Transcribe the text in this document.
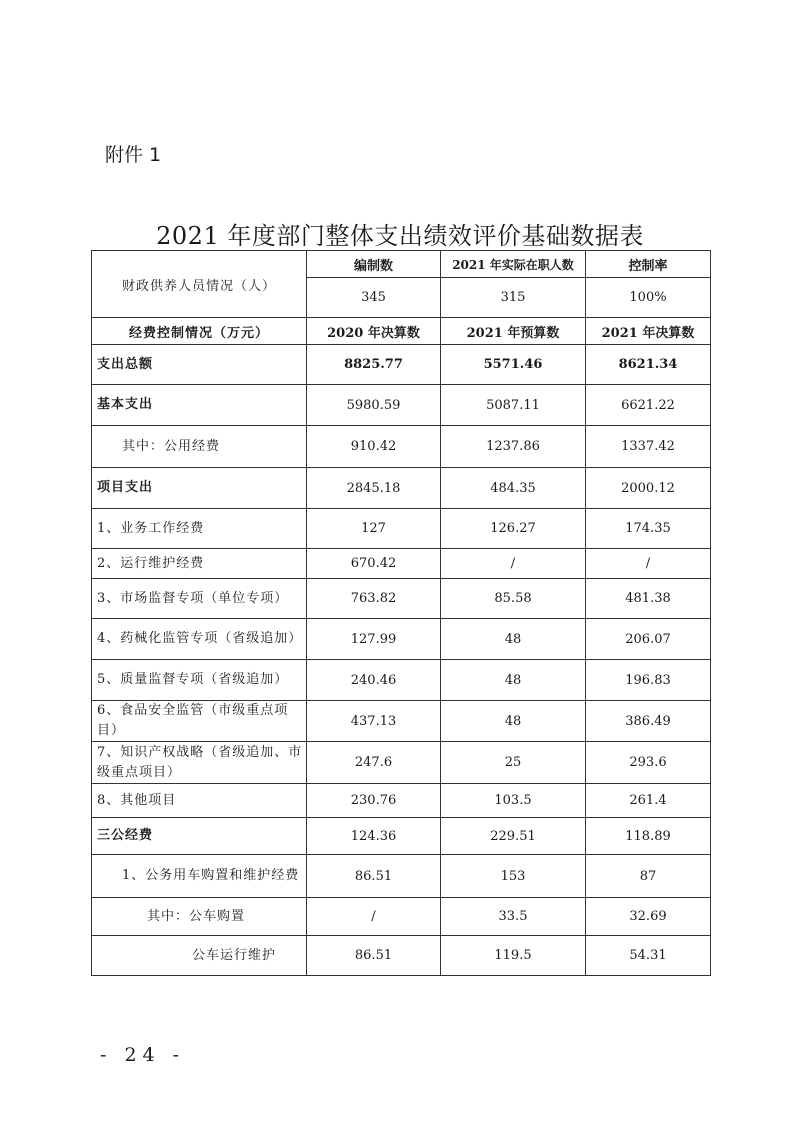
附件 1
2021 年度部门整体支出绩效评价基础数据表
财政供养人员情况（人）	编制数	2021 年实际在职人数	控制率
	345	315	100%
经费控制情况（万元）	2020 年决算数	2021 年预算数	2021 年决算数
支出总额	8825.77	5571.46	8621.34
基本支出	5980.59	5087.11	6621.22
其中：公用经费	910.42	1237.86	1337.42
项目支出	2845.18	484.35	2000.12
1、业务工作经费	127	126.27	174.35
2、运行维护经费	670.42	/	/
3、市场监督专项（单位专项）	763.82	85.58	481.38
4、药械化监管专项（省级追加）	127.99	48	206.07
5、质量监督专项（省级追加）	240.46	48	196.83
6、食品安全监管（市级重点项目）	437.13	48	386.49
7、知识产权战略（省级追加、市级重点项目）	247.6	25	293.6
8、其他项目	230.76	103.5	261.4
三公经费	124.36	229.51	118.89
1、公务用车购置和维护经费	86.51	153	87
其中：公车购置	/	33.5	32.69
公车运行维护	86.51	119.5	54.31
- 24 -
